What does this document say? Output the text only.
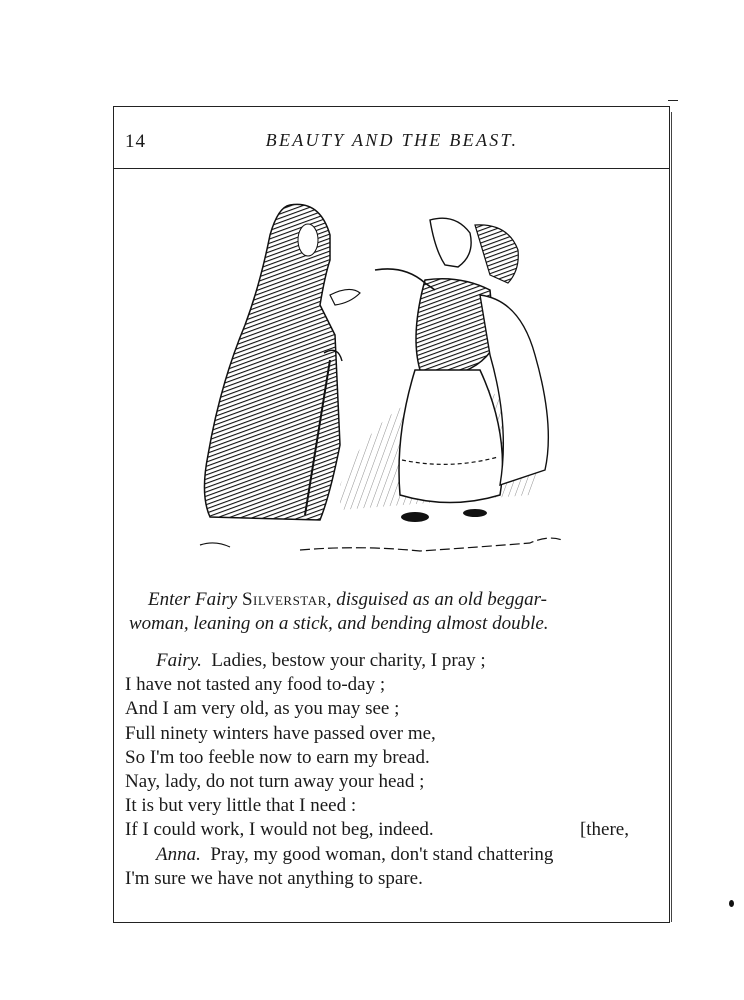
14	BEAUTY AND THE BEAST.
Enter Fairy Silverstar, disguised as an old beggar-
woman, leaning on a stick, and bending almost double.
Fairy. Ladies, bestow your charity, I pray ;
I have not tasted any food to-day ;
And I am very old, as you may see ;
Full ninety winters have passed over me,
So I'm too feeble now to earn my bread.
Nay, lady, do not turn away your head ;
It is but very little that I need :
If I could work, I would not beg, indeed.	[there,
Anna. Pray, my good woman, don't stand chattering
I'm sure we have not anything to spare.
